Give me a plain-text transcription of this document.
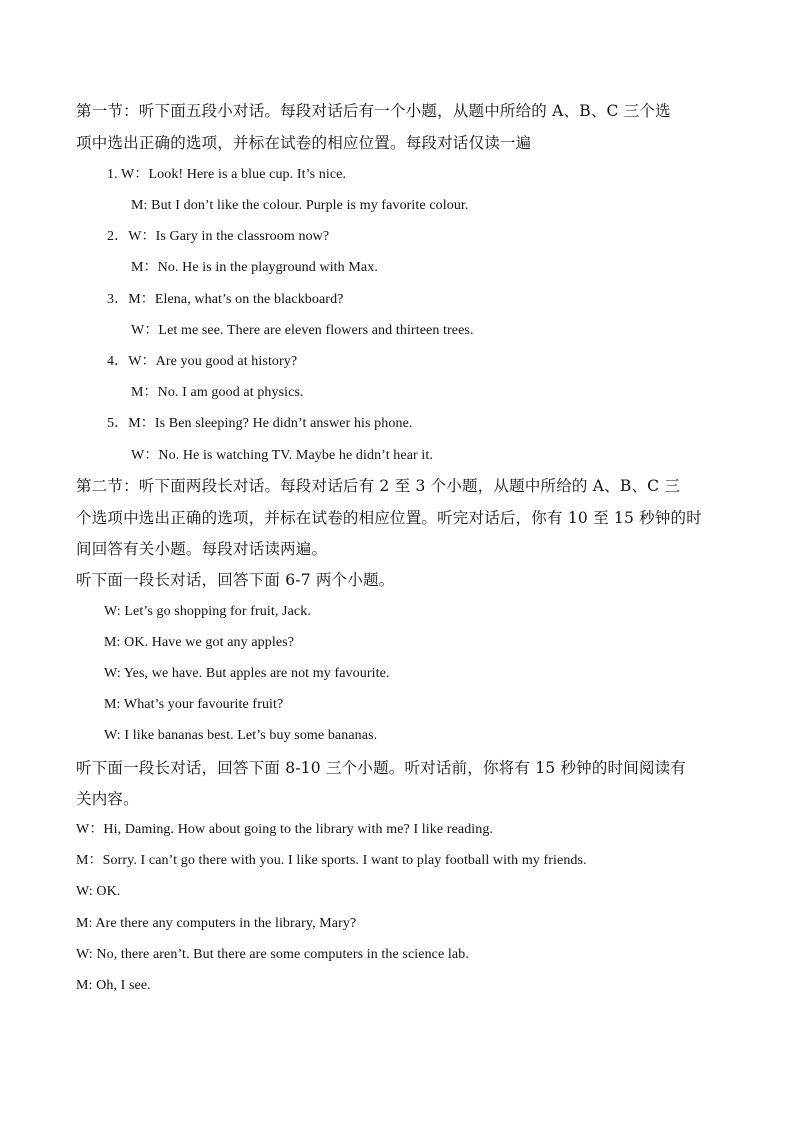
第一节：听下面五段小对话。每段对话后有一个小题，从题中所给的 A、B、C 三个选
项中选出正确的选项，并标在试卷的相应位置。每段对话仅读一遍
1. W：Look! Here is a blue cup. It’s nice.
M: But I don’t like the colour. Purple is my favorite colour.
2．W：Is Gary in the classroom now?
M：No. He is in the playground with Max.
3．M：Elena, what’s on the blackboard?
W：Let me see. There are eleven flowers and thirteen trees.
4．W：Are you good at history?
M：No. I am good at physics.
5．M：Is Ben sleeping? He didn’t answer his phone.
W：No. He is watching TV. Maybe he didn’t hear it.
第二节：听下面两段长对话。每段对话后有 2 至 3 个小题，从题中所给的 A、B、C 三
个选项中选出正确的选项，并标在试卷的相应位置。听完对话后，你有 10 至 15 秒钟的时
间回答有关小题。每段对话读两遍。
听下面一段长对话，回答下面 6-7 两个小题。
W: Let’s go shopping for fruit, Jack.
M: OK. Have we got any apples?
W: Yes, we have. But apples are not my favourite.
M: What’s your favourite fruit?
W: I like bananas best. Let’s buy some bananas.
听下面一段长对话，回答下面 8-10 三个小题。听对话前，你将有 15 秒钟的时间阅读有
关内容。
W：Hi, Daming. How about going to the library with me? I like reading.
M：Sorry. I can’t go there with you. I like sports. I want to play football with my friends.
W: OK.
M: Are there any computers in the library, Mary?
W: No, there aren’t. But there are some computers in the science lab.
M: Oh, I see.
